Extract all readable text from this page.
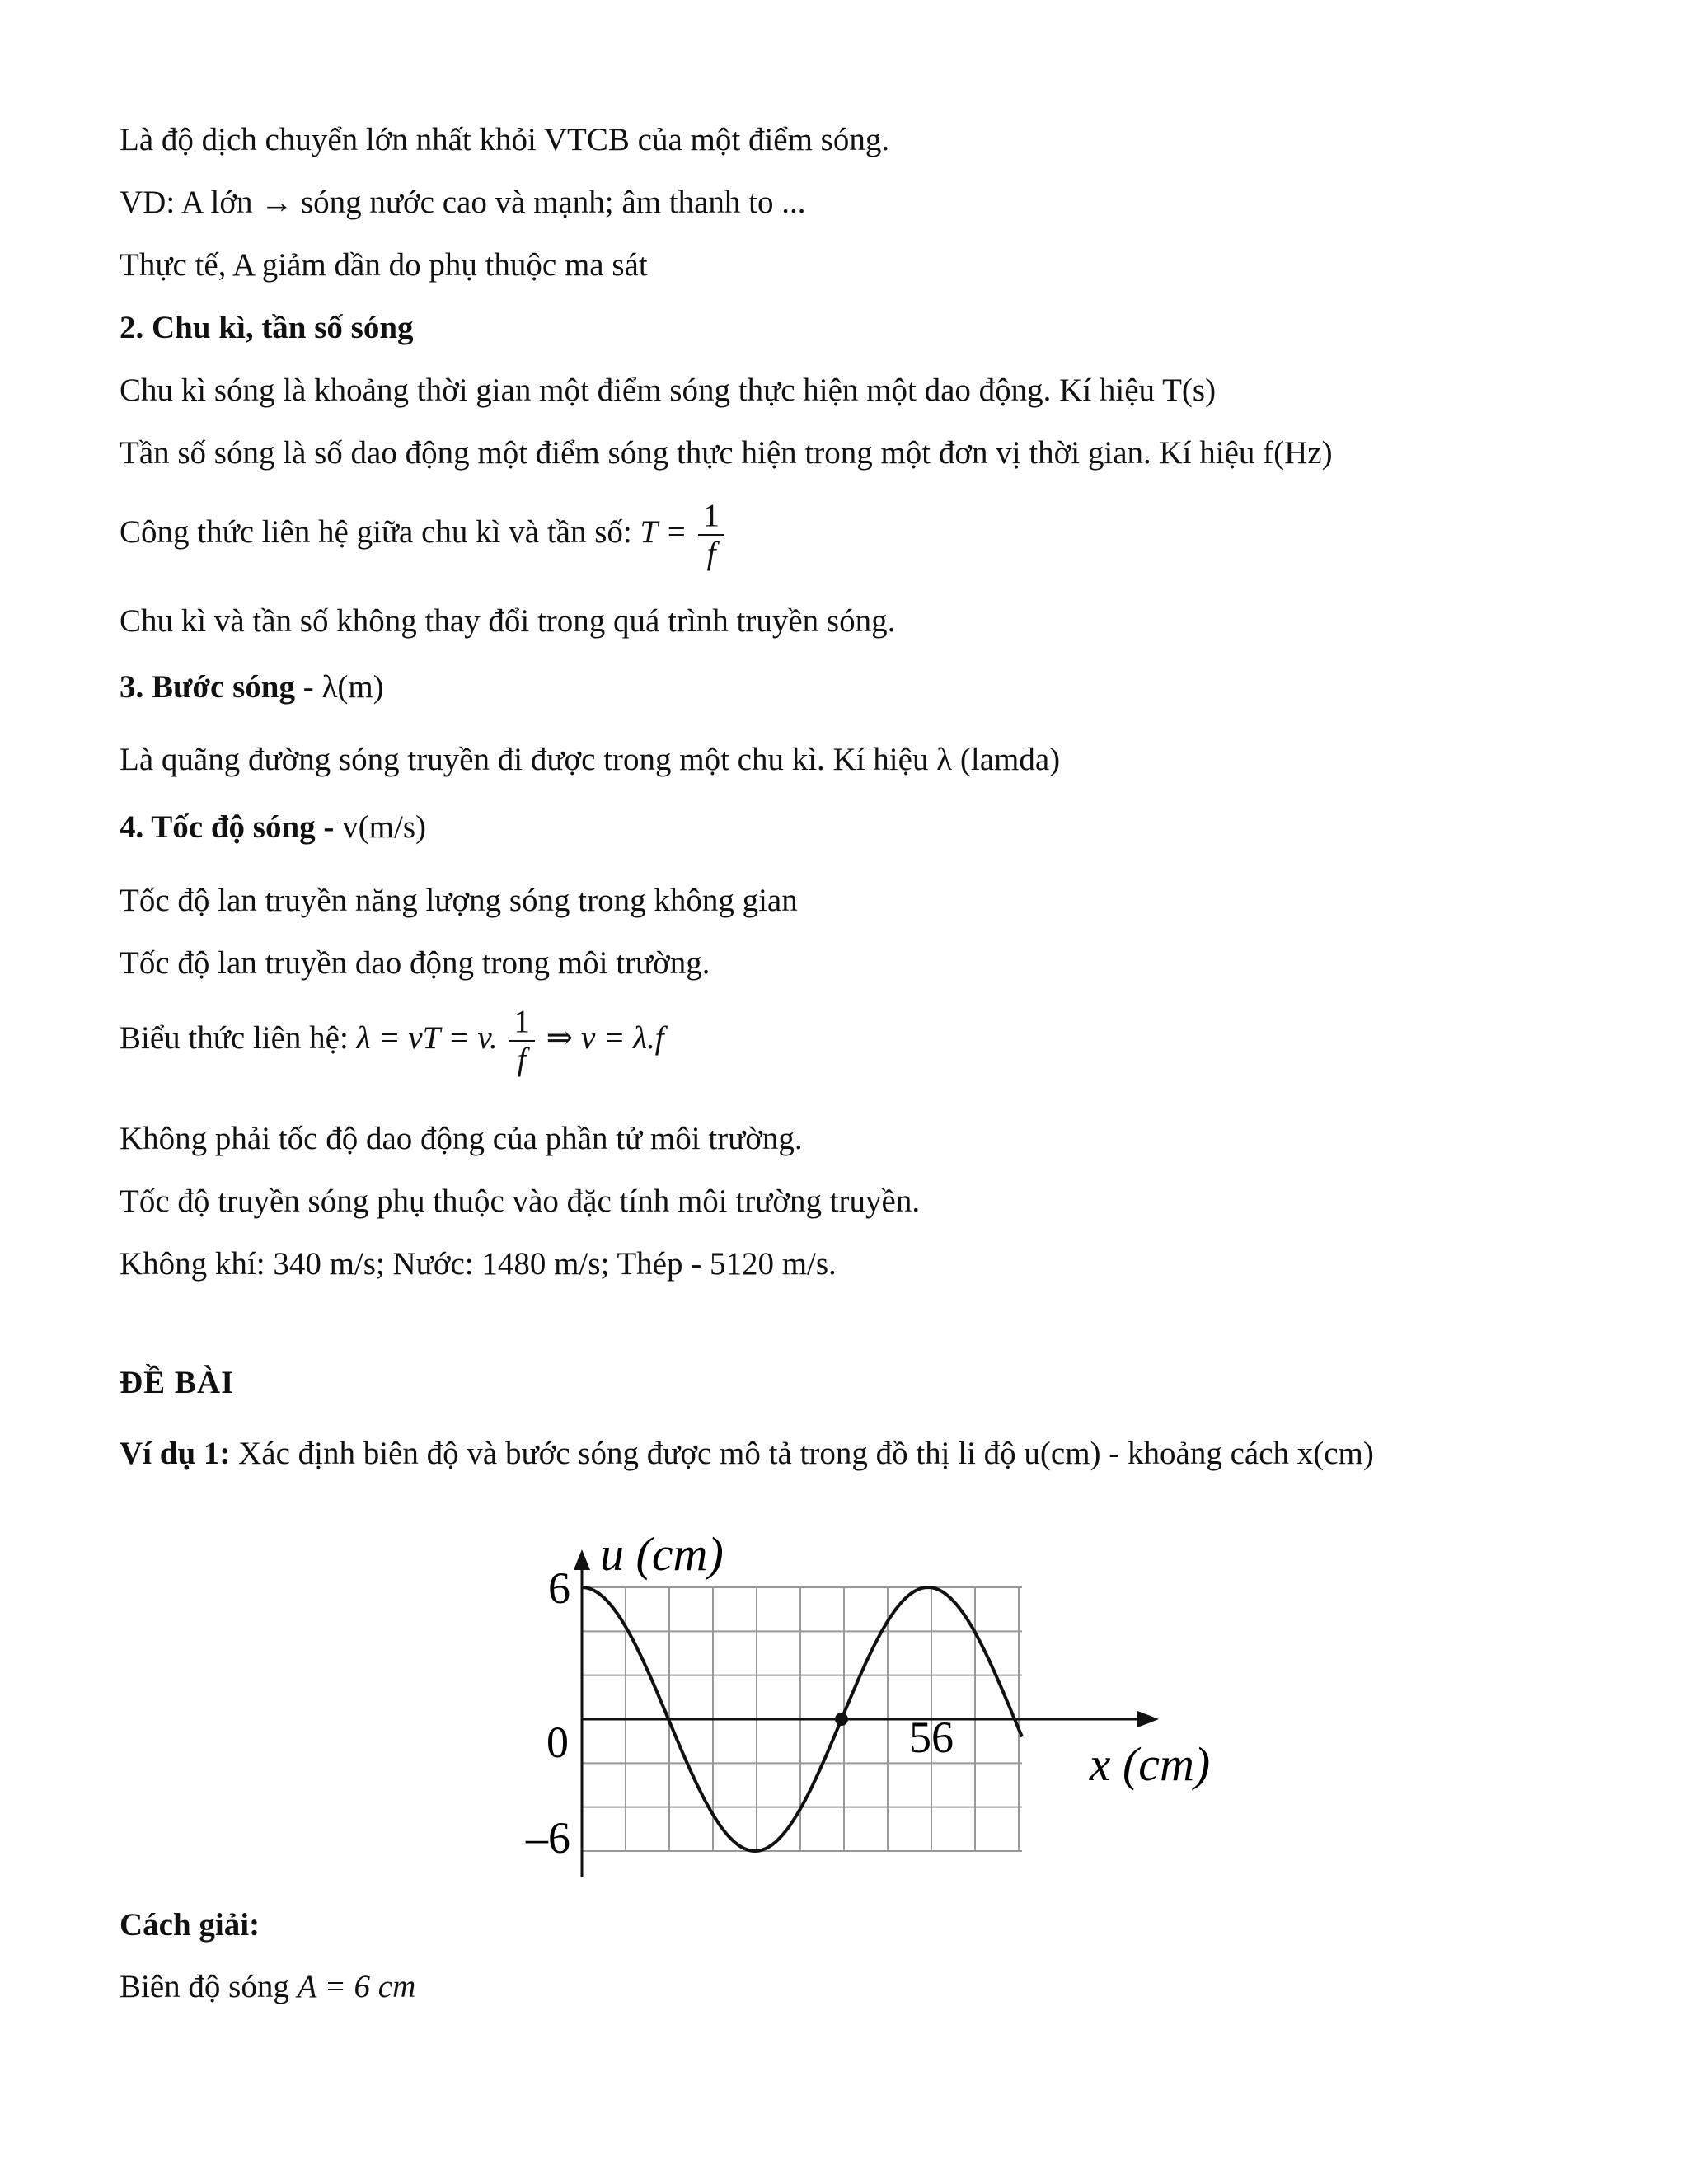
Là độ dịch chuyển lớn nhất khỏi VTCB của một điểm sóng.
VD: A lớn → sóng nước cao và mạnh; âm thanh to ...
Thực tế, A giảm dần do phụ thuộc ma sát
2. Chu kì, tần số sóng
Chu kì sóng là khoảng thời gian một điểm sóng thực hiện một dao động. Kí hiệu T(s)
Tần số sóng là số dao động một điểm sóng thực hiện trong một đơn vị thời gian. Kí hiệu f(Hz)
Công thức liên hệ giữa chu kì và tần số: $T = \frac{1}{f}$
Chu kì và tần số không thay đổi trong quá trình truyền sóng.
3. Bước sóng - λ(m)
Là quãng đường sóng truyền đi được trong một chu kì. Kí hiệu λ (lamda)
4. Tốc độ sóng - v(m/s)
Tốc độ lan truyền năng lượng sóng trong không gian
Tốc độ lan truyền dao động trong môi trường.
Biểu thức liên hệ: λ = vT = v. $\frac{1}{f}$ ⇒ v = λ.f
Không phải tốc độ dao động của phần tử môi trường.
Tốc độ truyền sóng phụ thuộc vào đặc tính môi trường truyền.
Không khí: 340 m/s; Nước: 1480 m/s; Thép - 5120 m/s.
ĐỀ BÀI
Ví dụ 1: Xác định biên độ và bước sóng được mô tả trong đồ thị li độ u(cm) - khoảng cách x(cm)
u (cm)
x (cm)
6
0
–6
56
Cách giải:
Biên độ sóng A = 6 cm
